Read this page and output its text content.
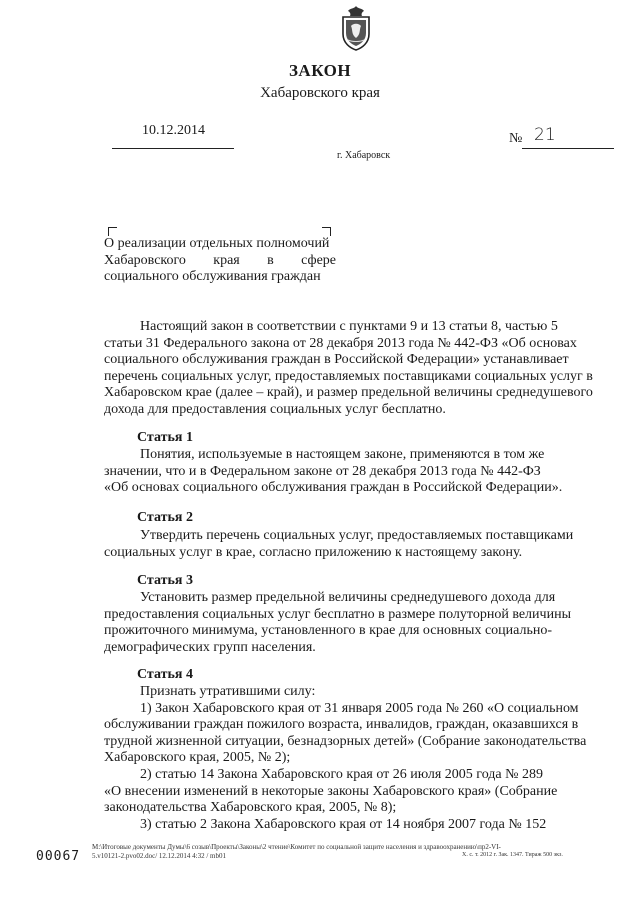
ЗАКОН
Хабаровского края
10.12.2014
№ 21
г. Хабаровск
О реализации отдельных полномочий
Хабаровского края в сфере
социального обслуживания граждан
Настоящий закон в соответствии с пунктами 9 и 13 статьи 8, частью 5
статьи 31 Федерального закона от 28 декабря 2013 года № 442-ФЗ «Об основах
социального обслуживания граждан в Российской Федерации» устанавливает
перечень социальных услуг, предоставляемых поставщиками социальных услуг в
Хабаровском крае (далее – край), и размер предельной величины среднедушевого
дохода для предоставления социальных услуг бесплатно.
Статья 1
Понятия, используемые в настоящем законе, применяются в том же
значении, что и в Федеральном законе от 28 декабря 2013 года № 442-ФЗ
«Об основах социального обслуживания граждан в Российской Федерации».
Статья 2
Утвердить перечень социальных услуг, предоставляемых поставщиками
социальных услуг в крае, согласно приложению к настоящему закону.
Статья 3
Установить размер предельной величины среднедушевого дохода для
предоставления социальных услуг бесплатно в размере полуторной величины
прожиточного минимума, установленного в крае для основных социально-
демографических групп населения.
Статья 4
Признать утратившими силу:
1) Закон Хабаровского края от 31 января 2005 года № 260 «О социальном
обслуживании граждан пожилого возраста, инвалидов, граждан, оказавшихся в
трудной жизненной ситуации, безнадзорных детей» (Собрание законодательства
Хабаровского края, 2005, № 2);
2) статью 14 Закона Хабаровского края от 26 июля 2005 года № 289
«О внесении изменений в некоторые законы Хабаровского края» (Собрание
законодательства Хабаровского края, 2005, № 8);
3) статью 2 Закона Хабаровского края от 14 ноября 2007 года № 152
00067
M:\Итоговые документы Думы\6 созыв\Проекты\Законы\2 чтение\Комитет по социальной защите населения и здравоохранению\пр2-VI-
5.v10121-2.pvo02.doc/ 12.12.2014 4:32 / mb01	Х. с. т. 2012 г. Зак. 1347. Тираж 500 экз.
